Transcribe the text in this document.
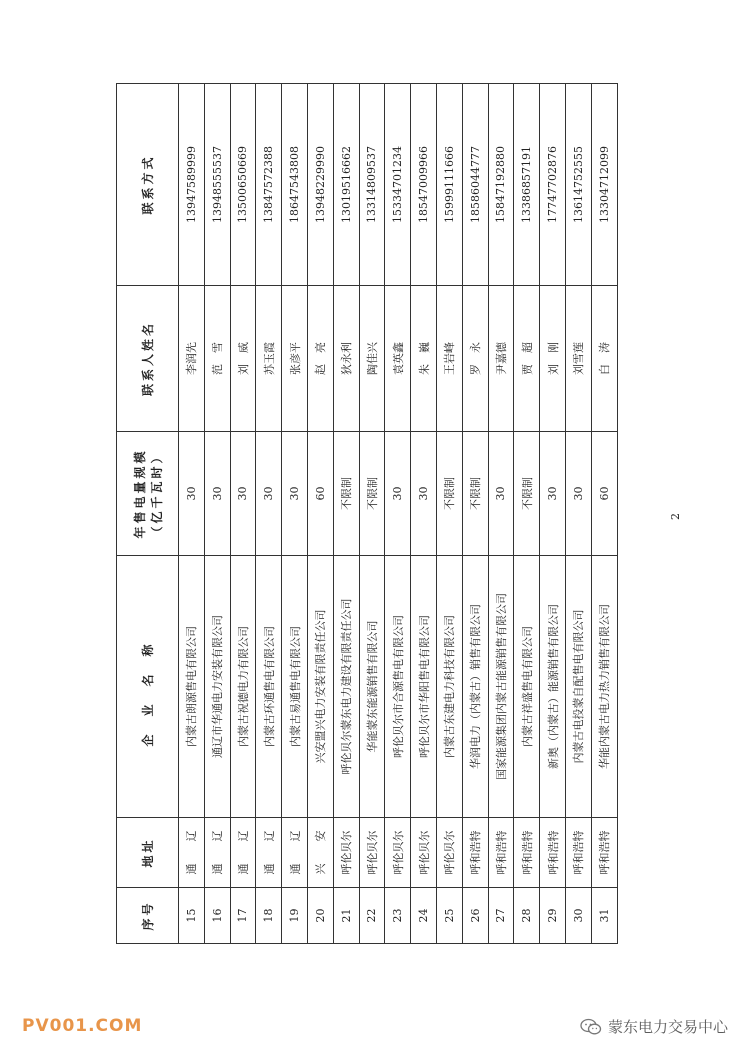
序号	地址	企业名称	年售电量规模 （亿千瓦时）	联系人姓名	联系方式
15	通　　辽	内蒙古朗源售电有限公司	30	李润先	13947589999
16	通　　辽	通辽市华通电力安装有限公司	30	范　雪	13948555537
17	通　　辽	内蒙古祝德电力有限公司	30	刘　威	13500650669
18	通　　辽	内蒙古环通售电有限公司	30	苏玉霞	13847572388
19	通　　辽	内蒙古易通售电有限公司	30	张彦平	18647543808
20	兴　　安	兴安盟兴电力安装有限责任公司	60	赵　亮	13948229990
21	呼伦贝尔	呼伦贝尔蒙东电力建设有限责任公司	不限制	狄永利	13019516662
22	呼伦贝尔	华能蒙东能源销售有限公司	不限制	陶佳兴	13314809537
23	呼伦贝尔	呼伦贝尔市合源售电有限公司	30	袁英鑫	15334701234
24	呼伦贝尔	呼伦贝尔市华阳售电有限公司	30	朱　巍	18547009966
25	呼伦贝尔	内蒙古东建电力科技有限公司	不限制	王岩峰	15999111666
26	呼和浩特	华润电力（内蒙古）销售有限公司	不限制	罗　永	18586044777
27	呼和浩特	国家能源集团内蒙古能源销售有限公司	30	尹嘉德	15847192880
28	呼和浩特	内蒙古祥盛售电有限公司	不限制	贾　超	13386857191
29	呼和浩特	新奥（内蒙古）能源销售有限公司	30	刘　刚	17747702876
30	呼和浩特	内蒙古电投蒙自配售电有限公司	30	刘雪莲	13614752555
31	呼和浩特	华能内蒙古电力热力销售有限公司	60	白　涛	13304712099
2
PV001.COM	蒙东电力交易中心
